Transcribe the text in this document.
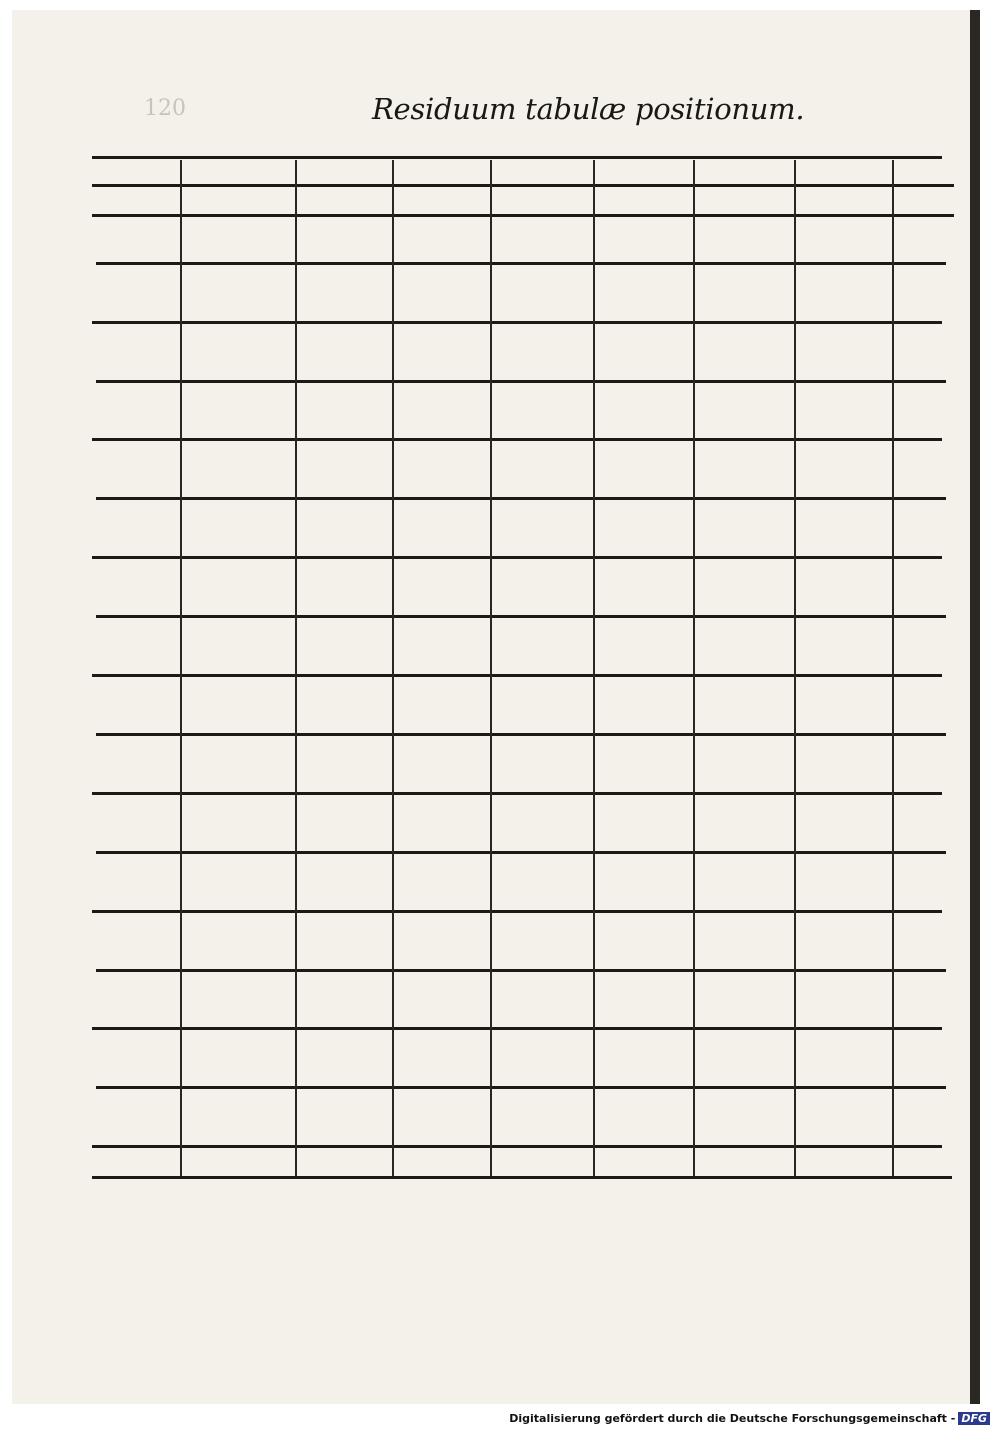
120	Residuum tabulæ positionum.
Digitalisierung gefördert durch die Deutsche Forschungsgemeinschaft - DFG
